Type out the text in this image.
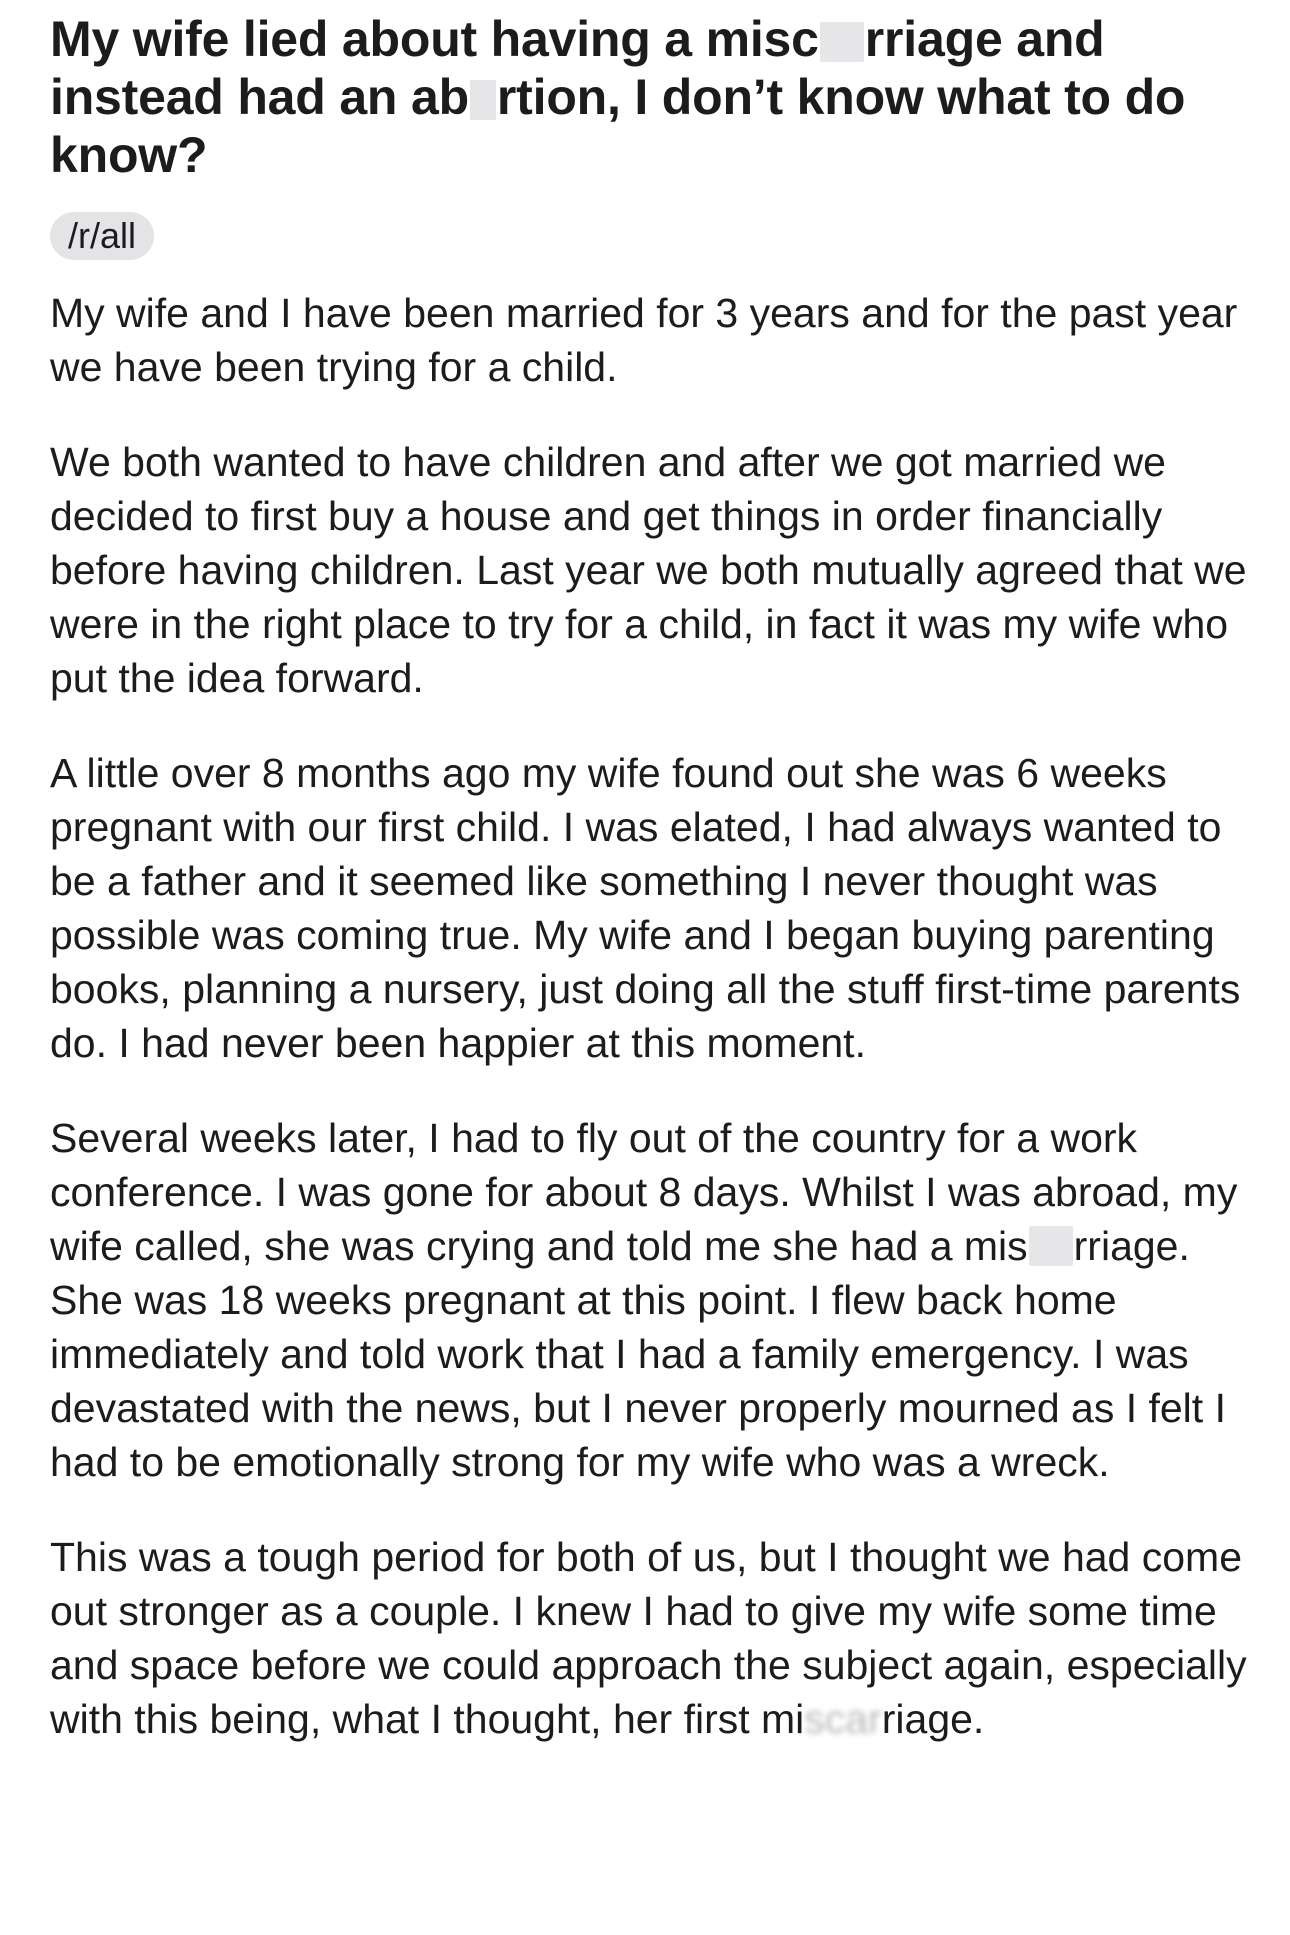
My wife lied about having a misc rriage and instead had an ab rtion, I don’t know what to do know?
/r/all

My wife and I have been married for 3 years and for the past year we have been trying for a child.

We both wanted to have children and after we got married we decided to first buy a house and get things in order financially before having children. Last year we both mutually agreed that we were in the right place to try for a child, in fact it was my wife who put the idea forward.

A little over 8 months ago my wife found out she was 6 weeks pregnant with our first child. I was elated, I had always wanted to be a father and it seemed like something I never thought was possible was coming true. My wife and I began buying parenting books, planning a nursery, just doing all the stuff first-time parents do. I had never been happier at this moment.

Several weeks later, I had to fly out of the country for a work conference. I was gone for about 8 days. Whilst I was abroad, my wife called, she was crying and told me she had a mis rriage. She was 18 weeks pregnant at this point. I flew back home immediately and told work that I had a family emergency. I was devastated with the news, but I never properly mourned as I felt I had to be emotionally strong for my wife who was a wreck.

This was a tough period for both of us, but I thought we had come out stronger as a couple. I knew I had to give my wife some time and space before we could approach the subject again, especially with this being, what I thought, her first miscarriage.
